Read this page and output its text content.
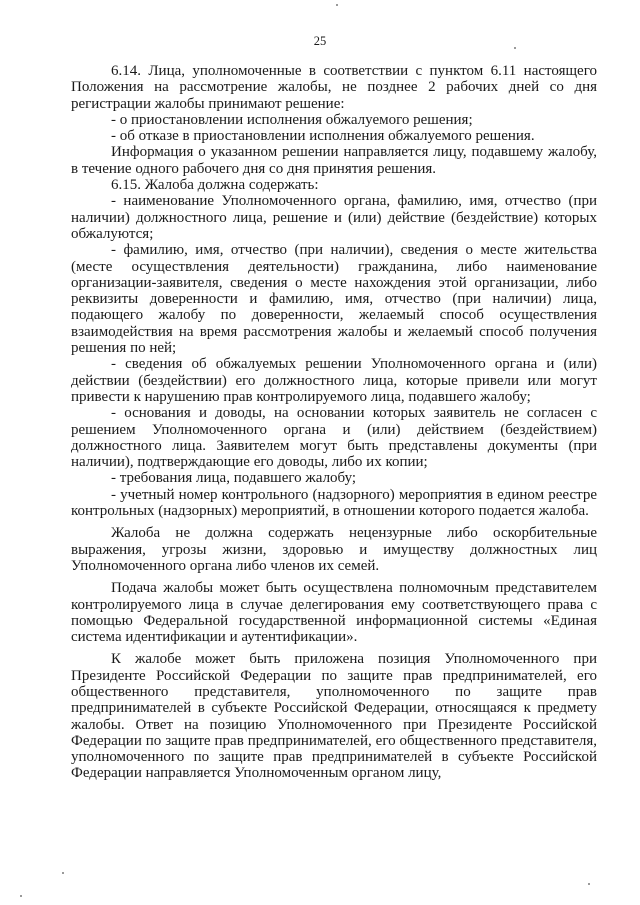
25

6.14. Лица, уполномоченные в соответствии с пунктом 6.11 настоящего Положения на рассмотрение жалобы, не позднее 2 рабочих дней со дня регистрации жалобы принимают решение:

- о приостановлении исполнения обжалуемого решения;

- об отказе в приостановлении исполнения обжалуемого решения.

Информация о указанном решении направляется лицу, подавшему жалобу, в течение одного рабочего дня со дня принятия решения.

6.15. Жалоба должна содержать:

- наименование Уполномоченного органа, фамилию, имя, отчество (при наличии) должностного лица, решение и (или) действие (бездействие) которых обжалуются;

- фамилию, имя, отчество (при наличии), сведения о месте жительства (месте осуществления деятельности) гражданина, либо наименование организации-заявителя, сведения о месте нахождения этой организации, либо реквизиты доверенности и фамилию, имя, отчество (при наличии) лица, подающего жалобу по доверенности, желаемый способ осуществления взаимодействия на время рассмотрения жалобы и желаемый способ получения решения по ней;

- сведения об обжалуемых решении Уполномоченного органа и (или) действии (бездействии) его должностного лица, которые привели или могут привести к нарушению прав контролируемого лица, подавшего жалобу;

- основания и доводы, на основании которых заявитель не согласен с решением Уполномоченного органа и (или) действием (бездействием) должностного лица. Заявителем могут быть представлены документы (при наличии), подтверждающие его доводы, либо их копии;

- требования лица, подавшего жалобу;

- учетный номер контрольного (надзорного) мероприятия в едином реестре контрольных (надзорных) мероприятий, в отношении которого подается жалоба.

Жалоба не должна содержать нецензурные либо оскорбительные выражения, угрозы жизни, здоровью и имуществу должностных лиц Уполномоченного органа либо членов их семей.

Подача жалобы может быть осуществлена полномочным представителем контролируемого лица в случае делегирования ему соответствующего права с помощью Федеральной государственной информационной системы «Единая система идентификации и аутентификации».

К жалобе может быть приложена позиция Уполномоченного при Президенте Российской Федерации по защите прав предпринимателей, его общественного представителя, уполномоченного по защите прав предпринимателей в субъекте Российской Федерации, относящаяся к предмету жалобы. Ответ на позицию Уполномоченного при Президенте Российской Федерации по защите прав предпринимателей, его общественного представителя, уполномоченного по защите прав предпринимателей в субъекте Российской Федерации направляется Уполномоченным органом лицу,
